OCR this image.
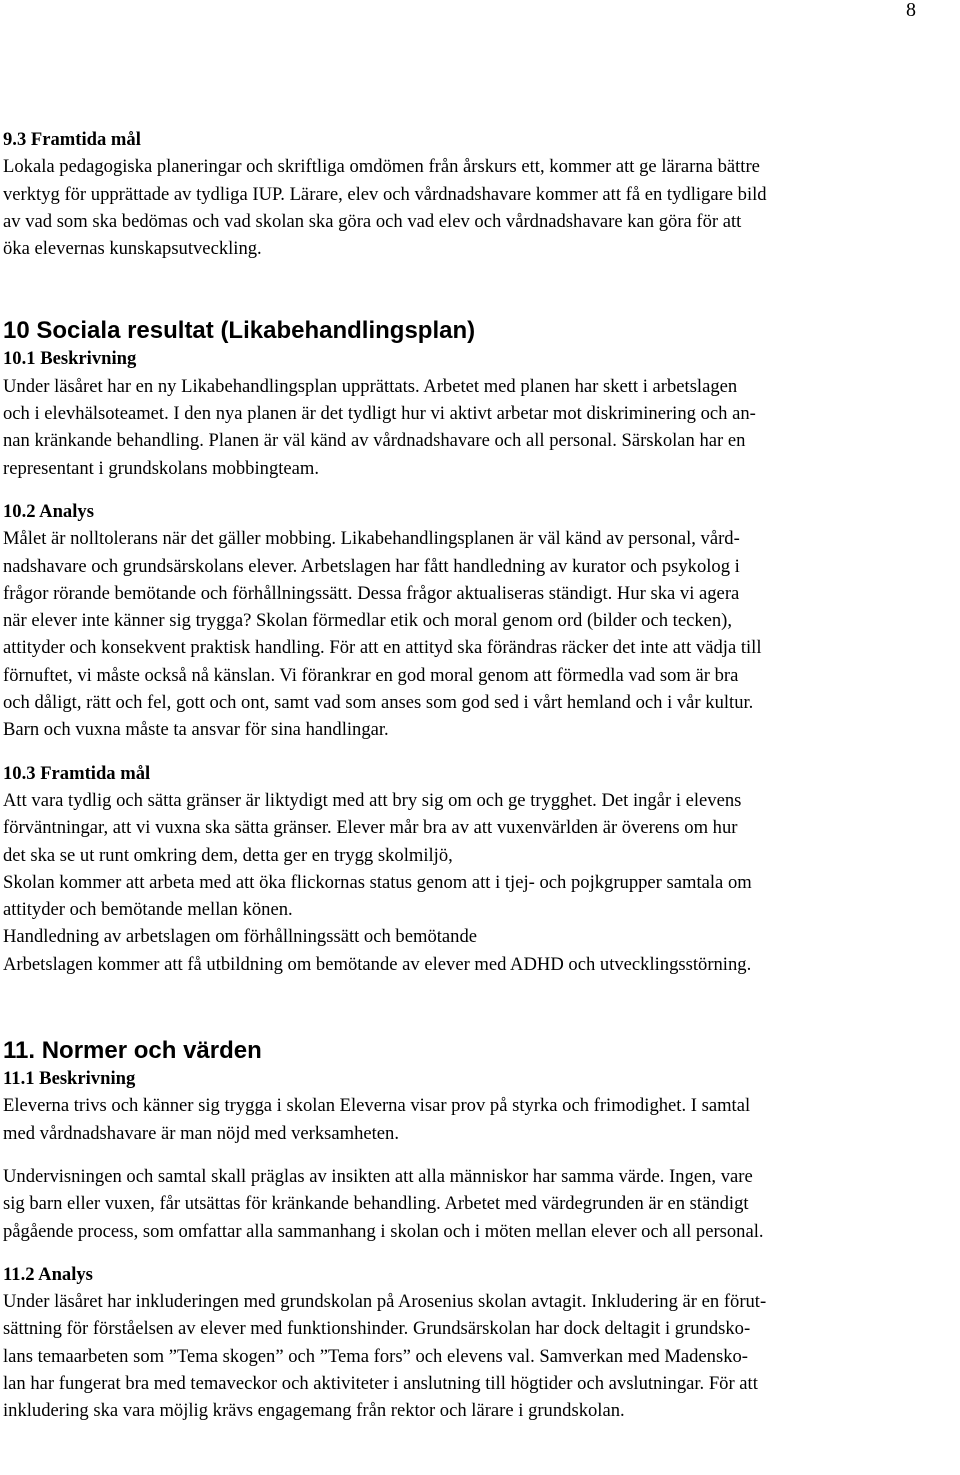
8

9.3 Framtida mål

Lokala pedagogiska planeringar och skriftliga omdömen från årskurs ett, kommer att ge lärarna bättre

verktyg för upprättade av tydliga IUP. Lärare, elev och vårdnadshavare kommer att få en tydligare bild

av vad som ska bedömas och vad skolan ska göra och vad elev och vårdnadshavare kan göra för att

öka elevernas kunskapsutveckling.

10 Sociala resultat (Likabehandlingsplan)

10.1 Beskrivning

Under läsåret har en ny Likabehandlingsplan upprättats. Arbetet med planen har skett i arbetslagen

och i elevhälsoteamet. I den nya planen är det tydligt hur vi aktivt arbetar mot diskriminering och an-

nan kränkande behandling. Planen är väl känd av vårdnadshavare och all personal. Särskolan har en

representant i grundskolans mobbingteam.

10.2 Analys

Målet är nolltolerans när det gäller mobbing. Likabehandlingsplanen är väl känd av personal, vård-

nadshavare och grundsärskolans elever. Arbetslagen har fått handledning av kurator och psykolog i

frågor rörande bemötande och förhållningssätt. Dessa frågor aktualiseras ständigt. Hur ska vi agera

när elever inte känner sig trygga? Skolan förmedlar etik och moral genom ord (bilder och tecken),

attityder och konsekvent praktisk handling. För att en attityd ska förändras räcker det inte att vädja till

förnuftet, vi måste också nå känslan. Vi förankrar en god moral genom att förmedla vad som är bra

och dåligt, rätt och fel, gott och ont, samt vad som anses som god sed i vårt hemland och i vår kultur.

Barn och vuxna måste ta ansvar för sina handlingar.

10.3 Framtida mål

Att vara tydlig och sätta gränser är liktydigt med att bry sig om och ge trygghet. Det ingår i elevens

förväntningar, att vi vuxna ska sätta gränser. Elever mår bra av att vuxenvärlden är överens om hur

det ska se ut runt omkring dem, detta ger en trygg skolmiljö,

Skolan kommer att arbeta med att öka flickornas status genom att i tjej- och pojkgrupper samtala om

attityder och bemötande mellan könen.

Handledning av arbetslagen om förhållningssätt och bemötande

Arbetslagen kommer att få utbildning om bemötande av elever med ADHD och utvecklingsstörning.

11. Normer och värden

11.1 Beskrivning

Eleverna trivs och känner sig trygga i skolan Eleverna visar prov på styrka och frimodighet. I samtal

med vårdnadshavare är man nöjd med verksamheten.

Undervisningen och samtal skall präglas av insikten att alla människor har samma värde. Ingen, vare

sig barn eller vuxen, får utsättas för kränkande behandling. Arbetet med värdegrunden är en ständigt

pågående process, som omfattar alla sammanhang i skolan och i möten mellan elever och all personal.

11.2 Analys

Under läsåret har inkluderingen med grundskolan på Arosenius skolan avtagit. Inkludering är en förut-

sättning för förståelsen av elever med funktionshinder. Grundsärskolan har dock deltagit i grundsko-

lans temaarbeten som ”Tema skogen” och ”Tema fors” och elevens val. Samverkan med Madensko-

lan har fungerat bra med temaveckor och aktiviteter i anslutning till högtider och avslutningar. För att

inkludering ska vara möjlig krävs engagemang från rektor och lärare i grundskolan.
